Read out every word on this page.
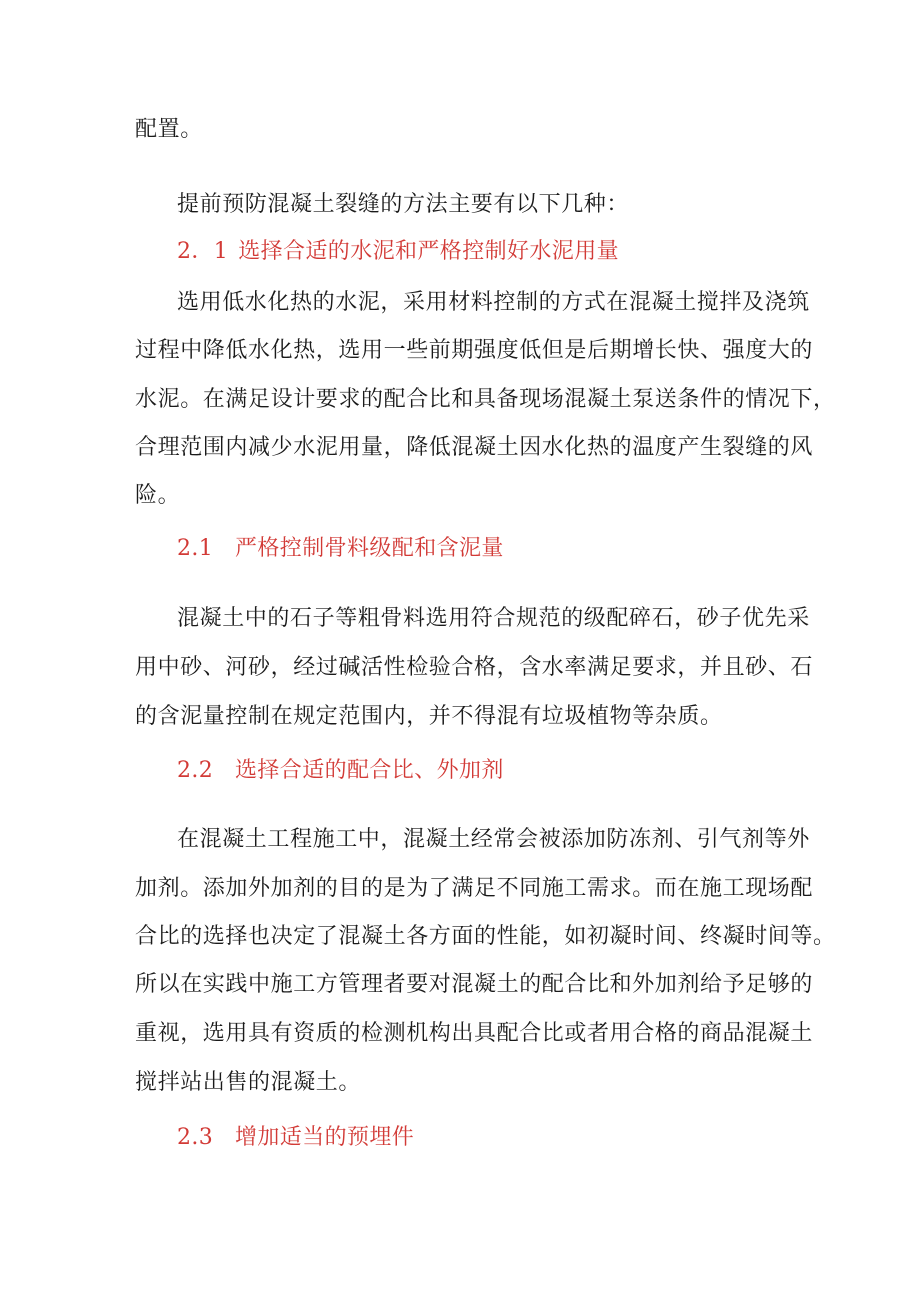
配置。
提前预防混凝土裂缝的方法主要有以下几种：
2．1 选择合适的水泥和严格控制好水泥用量
选用低水化热的水泥，采用材料控制的方式在混凝土搅拌及浇筑
过程中降低水化热，选用一些前期强度低但是后期增长快、强度大的
水泥。在满足设计要求的配合比和具备现场混凝土泵送条件的情况下，
合理范围内减少水泥用量，降低混凝土因水化热的温度产生裂缝的风
险。
2.1 严格控制骨料级配和含泥量
混凝土中的石子等粗骨料选用符合规范的级配碎石，砂子优先采
用中砂、河砂，经过碱活性检验合格，含水率满足要求，并且砂、石
的含泥量控制在规定范围内，并不得混有垃圾植物等杂质。
2.2 选择合适的配合比、外加剂
在混凝土工程施工中，混凝土经常会被添加防冻剂、引气剂等外
加剂。添加外加剂的目的是为了满足不同施工需求。而在施工现场配
合比的选择也决定了混凝土各方面的性能，如初凝时间、终凝时间等。
所以在实践中施工方管理者要对混凝土的配合比和外加剂给予足够的
重视，选用具有资质的检测机构出具配合比或者用合格的商品混凝土
搅拌站出售的混凝土。
2.3 增加适当的预埋件
